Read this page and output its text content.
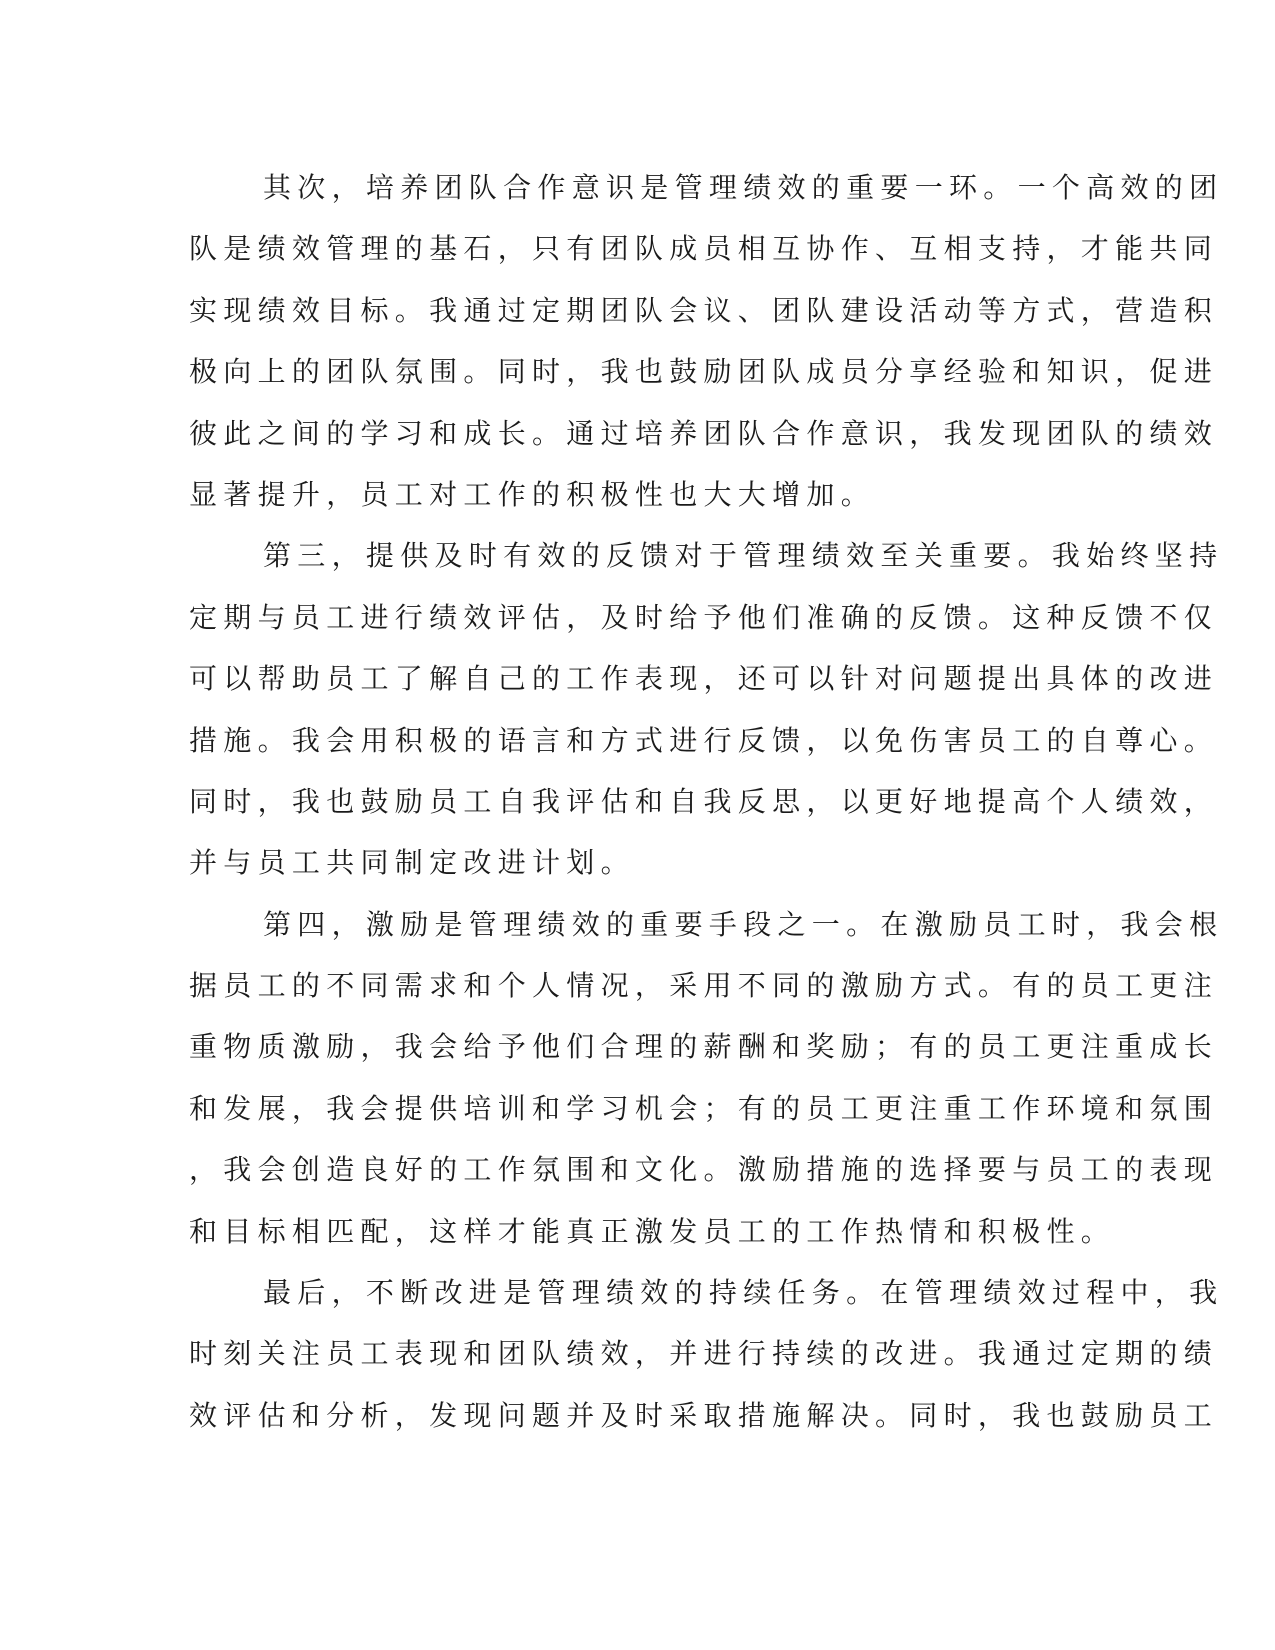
其次，培养团队合作意识是管理绩效的重要一环。一个高效的团
队是绩效管理的基石，只有团队成员相互协作、互相支持，才能共同
实现绩效目标。我通过定期团队会议、团队建设活动等方式，营造积
极向上的团队氛围。同时，我也鼓励团队成员分享经验和知识，促进
彼此之间的学习和成长。通过培养团队合作意识，我发现团队的绩效
显著提升，员工对工作的积极性也大大增加。
第三，提供及时有效的反馈对于管理绩效至关重要。我始终坚持
定期与员工进行绩效评估，及时给予他们准确的反馈。这种反馈不仅
可以帮助员工了解自己的工作表现，还可以针对问题提出具体的改进
措施。我会用积极的语言和方式进行反馈，以免伤害员工的自尊心。
同时，我也鼓励员工自我评估和自我反思，以更好地提高个人绩效，
并与员工共同制定改进计划。
第四，激励是管理绩效的重要手段之一。在激励员工时，我会根
据员工的不同需求和个人情况，采用不同的激励方式。有的员工更注
重物质激励，我会给予他们合理的薪酬和奖励；有的员工更注重成长
和发展，我会提供培训和学习机会；有的员工更注重工作环境和氛围
，我会创造良好的工作氛围和文化。激励措施的选择要与员工的表现
和目标相匹配，这样才能真正激发员工的工作热情和积极性。
最后，不断改进是管理绩效的持续任务。在管理绩效过程中，我
时刻关注员工表现和团队绩效，并进行持续的改进。我通过定期的绩
效评估和分析，发现问题并及时采取措施解决。同时，我也鼓励员工
